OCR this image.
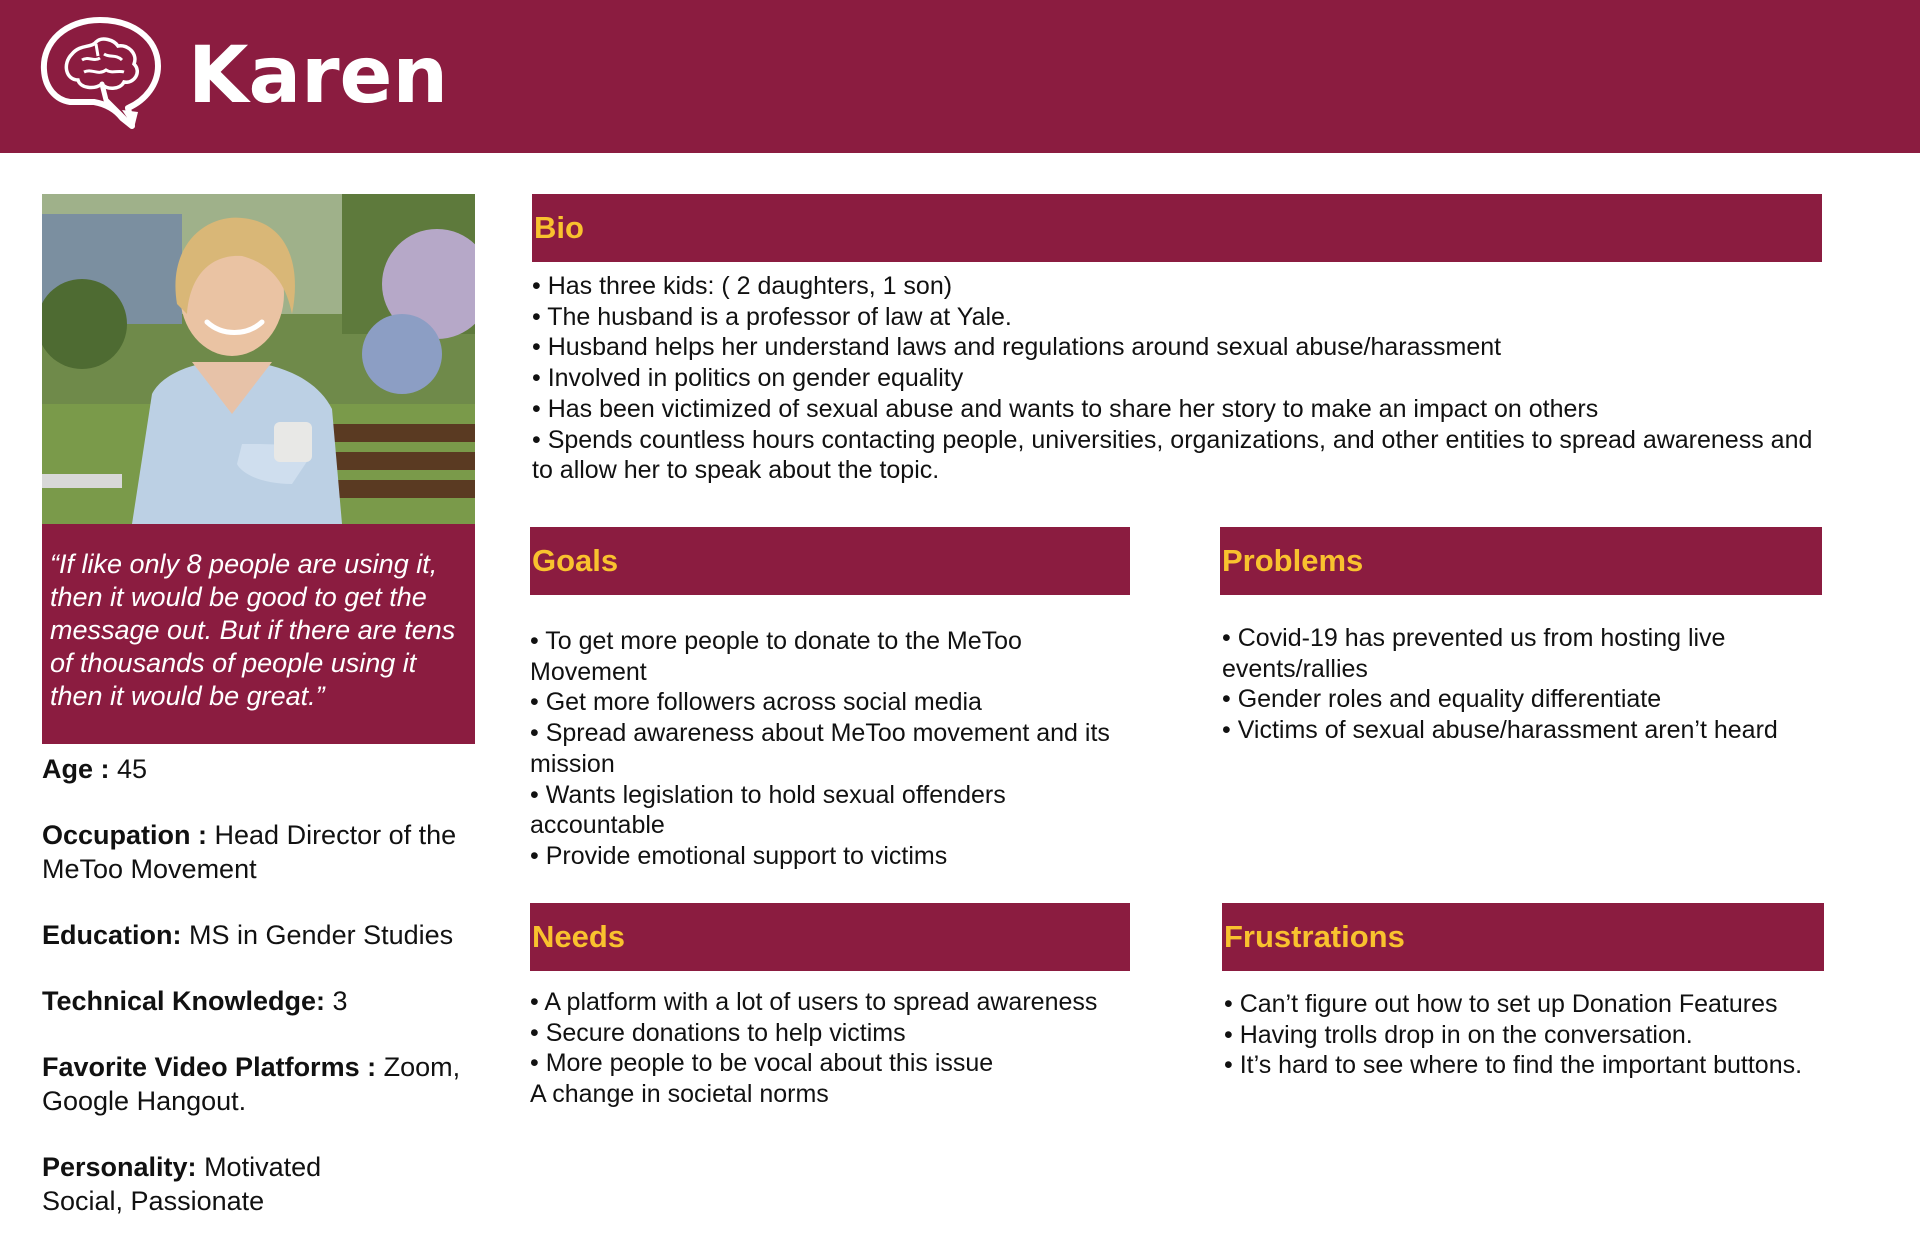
Karen

“If like only 8 people are using it, then it would be good to get the message out. But if there are tens of thousands of people using it then it would be great.”

Age : 45

Occupation : Head Director of the MeToo Movement

Education: MS in Gender Studies

Technical Knowledge: 3

Favorite Video Platforms : Zoom, Google Hangout.

Personality: Motivated Social, Passionate

Bio
• Has three kids: ( 2 daughters, 1 son)
• The husband is a professor of law at Yale.
• Husband helps her understand laws and regulations around sexual abuse/harassment
• Involved in politics on gender equality
• Has been victimized of sexual abuse and wants to share her story to make an impact on others
• Spends countless hours contacting people, universities, organizations, and other entities to spread awareness and to allow her to speak about the topic.
Goals
• To get more people to donate to the MeToo Movement
• Get more followers across social media
• Spread awareness about MeToo movement and its mission
• Wants legislation to hold sexual offenders accountable
• Provide emotional support to victims
Problems
• Covid-19 has prevented us from hosting live events/rallies
• Gender roles and equality differentiate
• Victims of sexual abuse/harassment aren’t heard
Needs
• A platform with a lot of users to spread awareness
• Secure donations to help victims
• More people to be vocal about this issue
A change in societal norms
Frustrations
• Can’t figure out how to set up Donation Features
• Having trolls drop in on the conversation.
• It’s hard to see where to find the important buttons.
